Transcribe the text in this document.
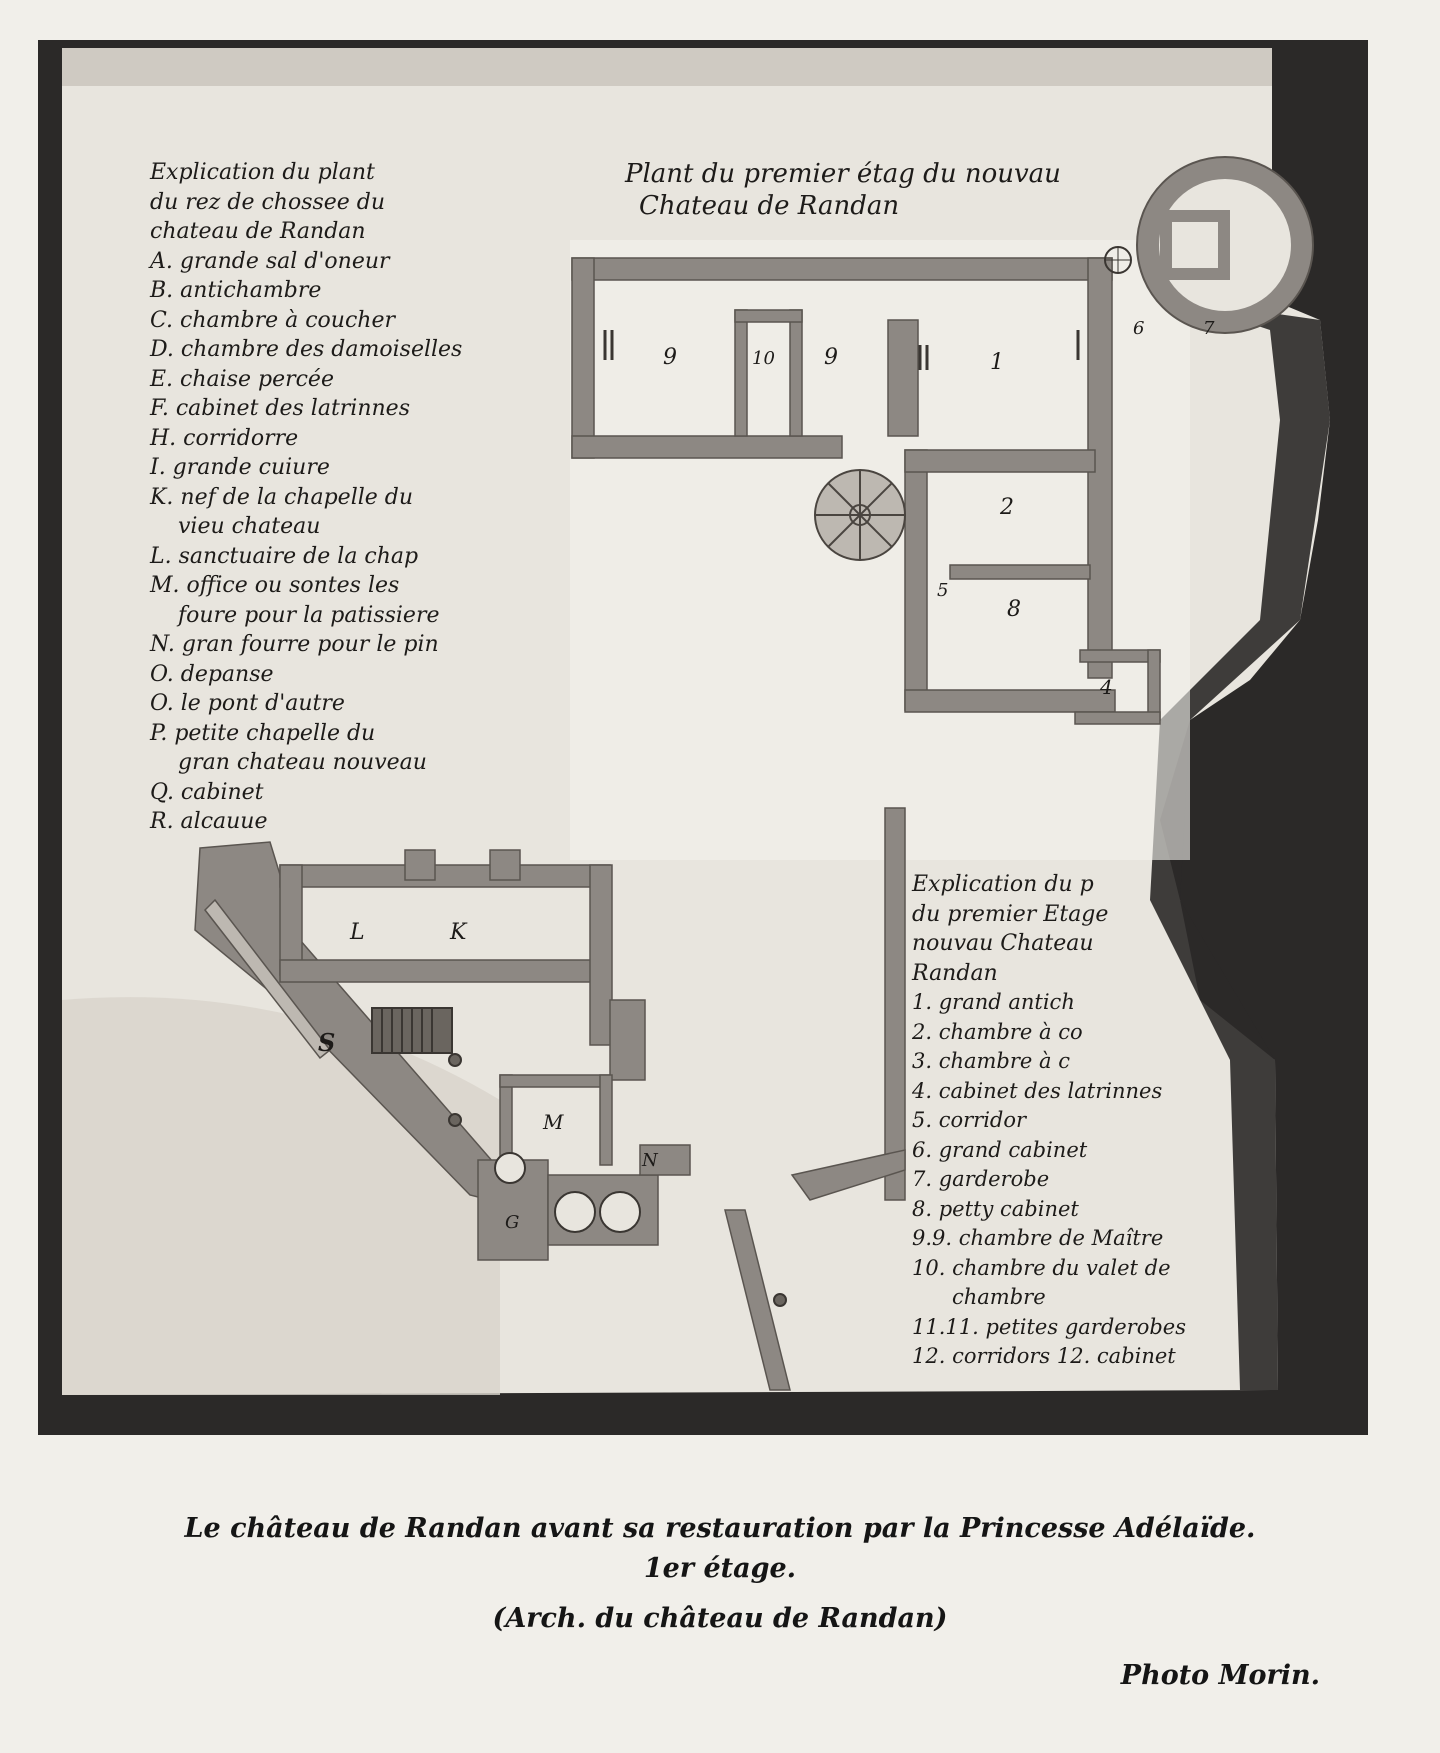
Explication du plant
du rez de chossee du
chateau de Randan
A. grande sal d'oneur
B. antichambre
C. chambre à coucher
D. chambre des damoiselles
E. chaise percée
F. cabinet des latrinnes
H. corridorre
I. grande cuiure
K. nef de la chapelle du
vieu chateau
L. sanctuaire de la chap
M. office ou sontes les
foure pour la patissiere
N. gran fourre pour le pin
O. depanse
O. le pont d'autre
P. petite chapelle du
gran chateau nouveau
Q. cabinet
R. alcauue
Plant du premier étag du nouvau
Chateau de Randan
9	10 9	1
2
8
4
5
6	7
L	K
S
M
N
G
Explication du p
du premier Etage
nouvau Chateau
Randan
1. grand antich
2. chambre à co
3. chambre à c
4. cabinet des latrinnes
5. corridor
6. grand cabinet
7. garderobe
8. petty cabinet
9.9. chambre de Maître
10. chambre du valet de
chambre
11.11. petites garderobes
12. corridors 12. cabinet
Le château de Randan avant sa restauration par la Princesse Adélaïde.
1er étage.
(Arch. du château de Randan)
Photo Morin.
